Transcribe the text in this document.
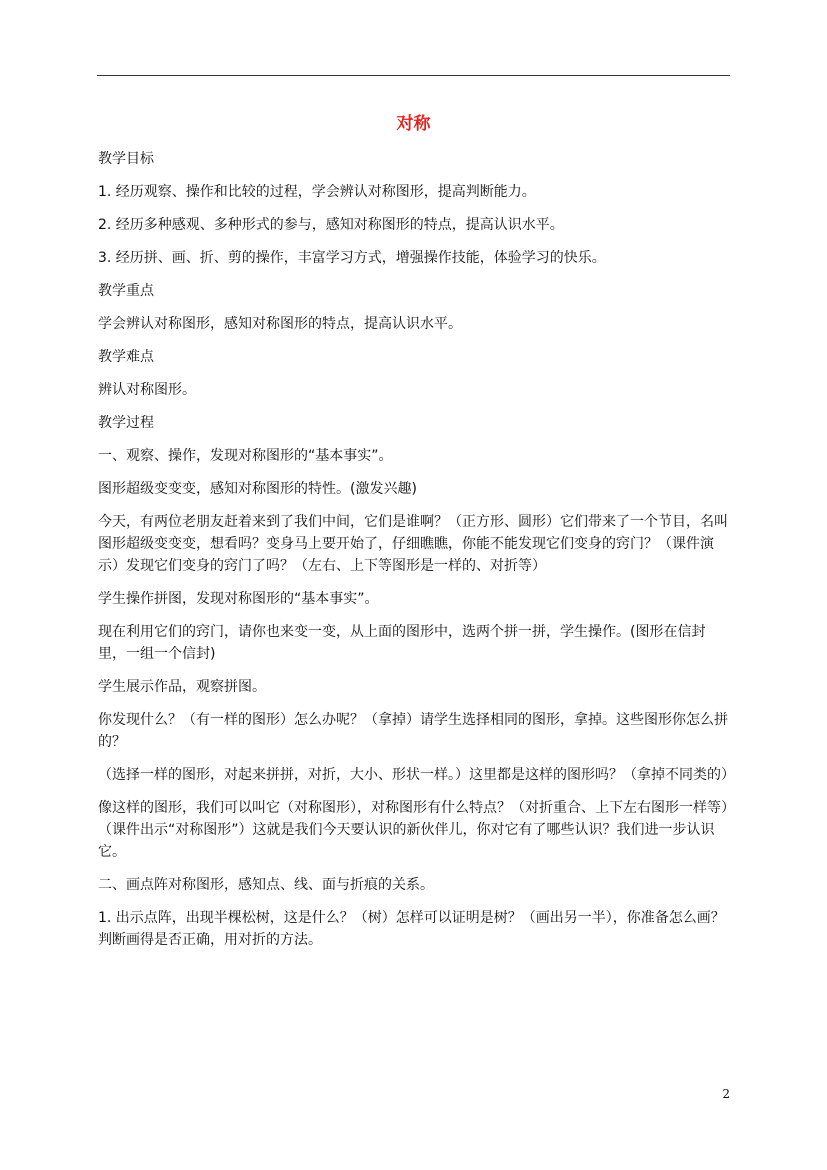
对称

教学目标

1. 经历观察、操作和比较的过程，学会辨认对称图形，提高判断能力。

2. 经历多种感观、多种形式的参与，感知对称图形的特点，提高认识水平。

3. 经历拼、画、折、剪的操作，丰富学习方式，增强操作技能，体验学习的快乐。

教学重点

学会辨认对称图形，感知对称图形的特点，提高认识水平。

教学难点

辨认对称图形。

教学过程

一、观察、操作，发现对称图形的“基本事实”。

图形超级变变变，感知对称图形的特性。(激发兴趣)

今天，有两位老朋友赶着来到了我们中间，它们是谁啊？（正方形、圆形）它们带来了一个节目，名叫图形超级变变变，想看吗？变身马上要开始了，仔细瞧瞧，你能不能发现它们变身的窍门？（课件演示）发现它们变身的窍门了吗？（左右、上下等图形是一样的、对折等）

学生操作拼图，发现对称图形的“基本事实”。

现在利用它们的窍门，请你也来变一变，从上面的图形中，选两个拼一拼，学生操作。(图形在信封里，一组一个信封)

学生展示作品，观察拼图。

你发现什么？（有一样的图形）怎么办呢？（拿掉）请学生选择相同的图形，拿掉。这些图形你怎么拼的？

（选择一样的图形，对起来拼拼，对折，大小、形状一样。）这里都是这样的图形吗？（拿掉不同类的）

像这样的图形，我们可以叫它（对称图形），对称图形有什么特点？（对折重合、上下左右图形一样等）（课件出示“对称图形”）这就是我们今天要认识的新伙伴儿，你对它有了哪些认识？我们进一步认识它。

二、画点阵对称图形，感知点、线、面与折痕的关系。

1. 出示点阵，出现半棵松树，这是什么？（树）怎样可以证明是树？（画出另一半），你准备怎么画？判断画得是否正确，用对折的方法。

2
